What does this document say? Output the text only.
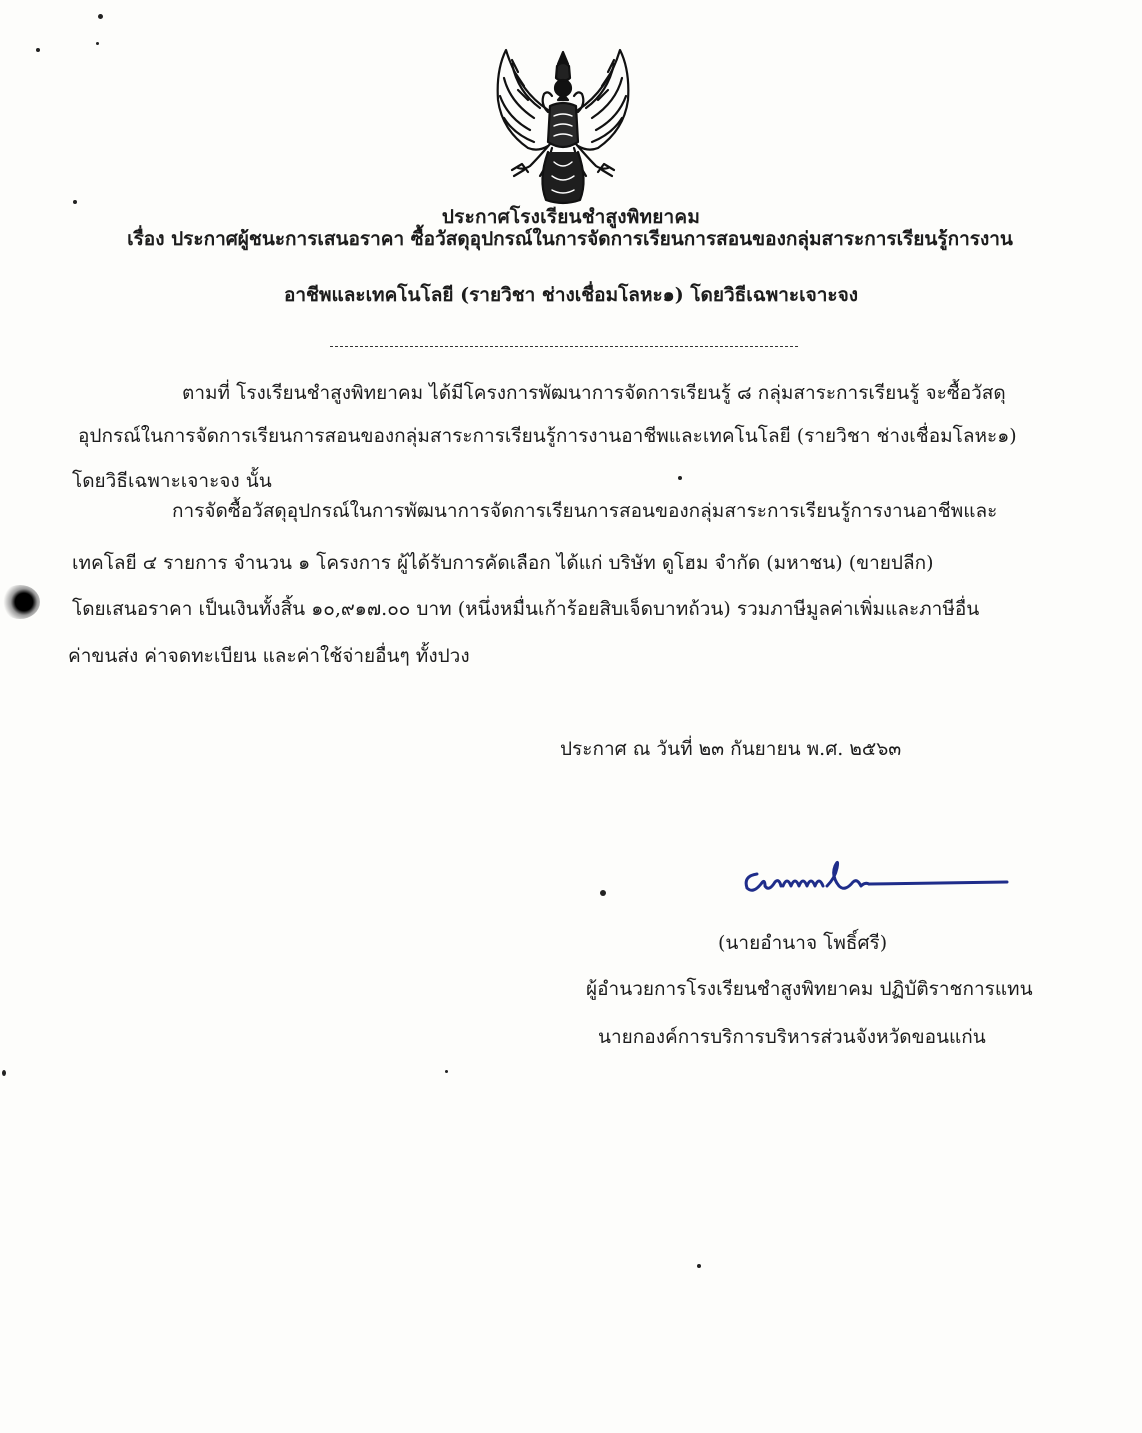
ประกาศโรงเรียนชำสูงพิทยาคม
เรื่อง ประกาศผู้ชนะการเสนอราคา ซื้อวัสดุอุปกรณ์ในการจัดการเรียนการสอนของกลุ่มสาระการเรียนรู้การงาน
อาชีพและเทคโนโลยี (รายวิชา ช่างเชื่อมโลหะ๑) โดยวิธีเฉพาะเจาะจง
ตามที่ โรงเรียนชำสูงพิทยาคม ได้มีโครงการพัฒนาการจัดการเรียนรู้ ๘ กลุ่มสาระการเรียนรู้ จะซื้อวัสดุ
อุปกรณ์ในการจัดการเรียนการสอนของกลุ่มสาระการเรียนรู้การงานอาชีพและเทคโนโลยี (รายวิชา ช่างเชื่อมโลหะ๑)
โดยวิธีเฉพาะเจาะจง นั้น
การจัดซื้อวัสดุอุปกรณ์ในการพัฒนาการจัดการเรียนการสอนของกลุ่มสาระการเรียนรู้การงานอาชีพและ
เทคโลยี ๔ รายการ จำนวน ๑ โครงการ ผู้ได้รับการคัดเลือก ได้แก่ บริษัท ดูโฮม จำกัด (มหาชน) (ขายปลีก)
โดยเสนอราคา เป็นเงินทั้งสิ้น ๑๐,๙๑๗.๐๐ บาท (หนึ่งหมื่นเก้าร้อยสิบเจ็ดบาทถ้วน) รวมภาษีมูลค่าเพิ่มและภาษีอื่น
ค่าขนส่ง ค่าจดทะเบียน และค่าใช้จ่ายอื่นๆ ทั้งปวง
ประกาศ ณ วันที่ ๒๓ กันยายน พ.ศ. ๒๕๖๓
(นายอำนาจ โพธิ์ศรี)
ผู้อำนวยการโรงเรียนชำสูงพิทยาคม ปฏิบัติราชการแทน
นายกองค์การบริการบริหารส่วนจังหวัดขอนแก่น
